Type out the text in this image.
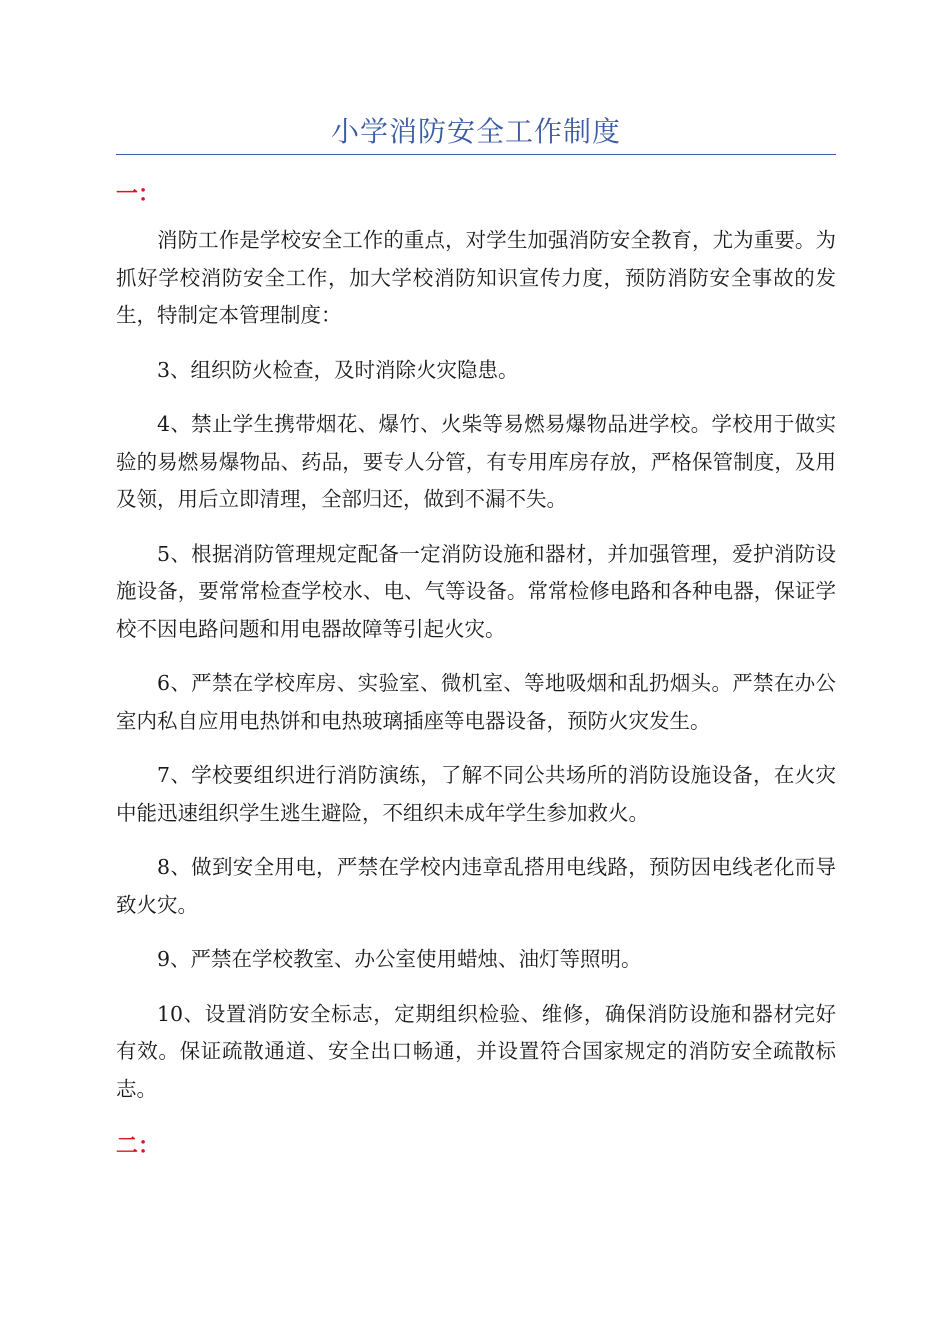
小学消防安全工作制度
一：

消防工作是学校安全工作的重点，对学生加强消防安全教育，尤为重要。为抓好学校消防安全工作，加大学校消防知识宣传力度，预防消防安全事故的发生，特制定本管理制度：

3、组织防火检查，及时消除火灾隐患。

4、禁止学生携带烟花、爆竹、火柴等易燃易爆物品进学校。学校用于做实验的易燃易爆物品、药品，要专人分管，有专用库房存放，严格保管制度，及用及领，用后立即清理，全部归还，做到不漏不失。

5、根据消防管理规定配备一定消防设施和器材，并加强管理，爱护消防设施设备，要常常检查学校水、电、气等设备。常常检修电路和各种电器，保证学校不因电路问题和用电器故障等引起火灾。

6、严禁在学校库房、实验室、微机室、等地吸烟和乱扔烟头。严禁在办公室内私自应用电热饼和电热玻璃插座等电器设备，预防火灾发生。

7、学校要组织进行消防演练，了解不同公共场所的消防设施设备，在火灾中能迅速组织学生逃生避险，不组织未成年学生参加救火。

8、做到安全用电，严禁在学校内违章乱搭用电线路，预防因电线老化而导致火灾。

9、严禁在学校教室、办公室使用蜡烛、油灯等照明。

10、设置消防安全标志，定期组织检验、维修，确保消防设施和器材完好有效。保证疏散通道、安全出口畅通，并设置符合国家规定的消防安全疏散标志。

二：
